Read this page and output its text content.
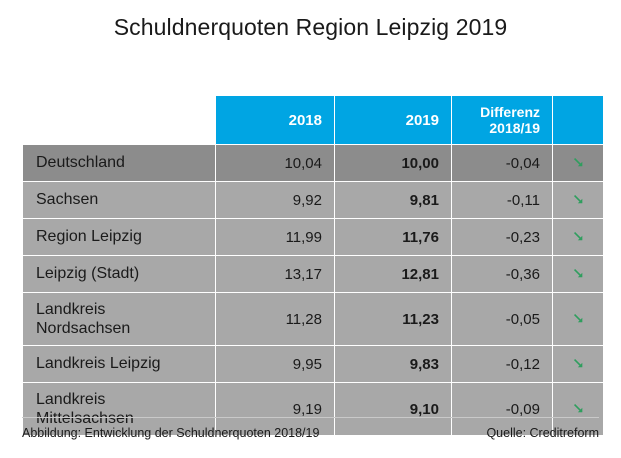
Schuldnerquoten Region Leipzig 2019
	2018	2019	Differenz
2018/19	

Deutschland	10,04	10,00	-0,04	➞
Sachsen	9,92	9,81	-0,11	➞
Region Leipzig	11,99	11,76	-0,23	➞
Leipzig (Stadt)	13,17	12,81	-0,36	➞

Landkreis
Nordsachsen	11,28	11,23	-0,05	➞
Landkreis Leipzig	9,95	9,83	-0,12	➞

Landkreis
Mittelsachsen	9,19	9,10	-0,09	➞
Abbildung: Entwicklung der Schuldnerquoten 2018/19	Quelle: Creditreform
